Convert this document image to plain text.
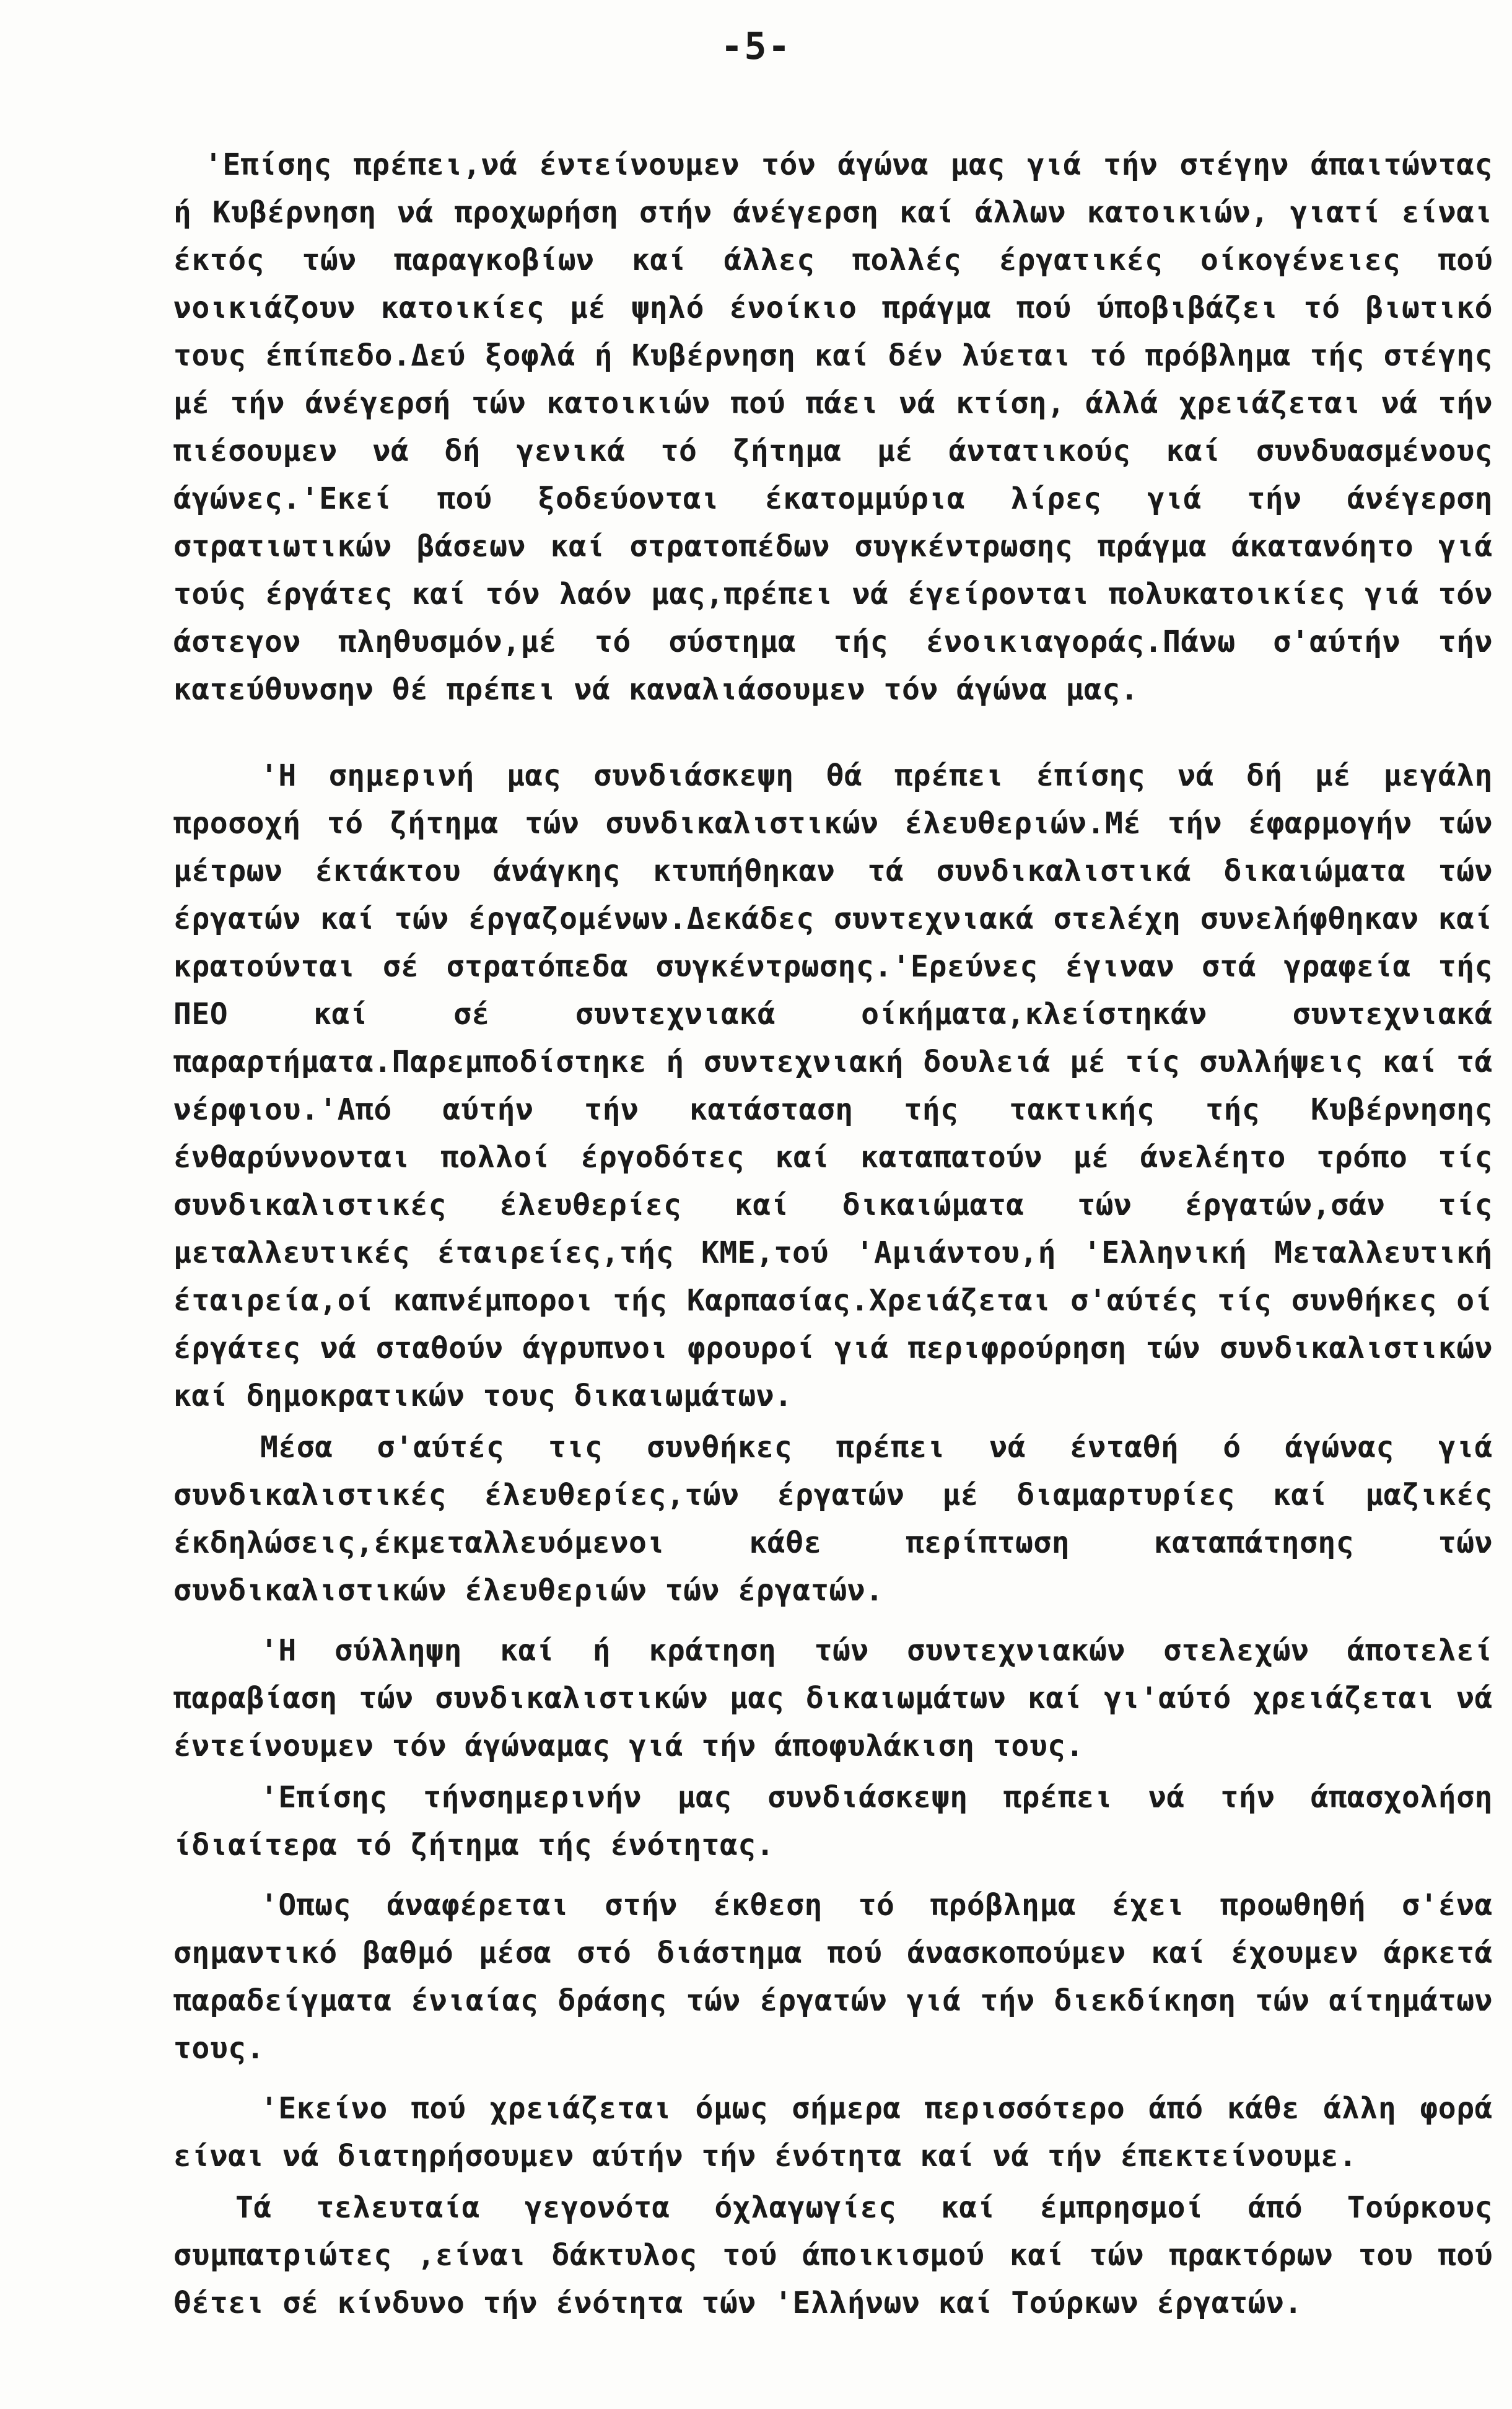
-5-

'Επίσης πρέπει,νά έντείνουμεν τόν άγώνα μας γιά τήν στέγην άπαιτώντας ή Κυβέρνηση νά προχωρήση στήν άνέγερση καί άλλων κατοικιών, γιατί είναι έκτός τών παραγκοβίων καί άλλες πολλές έργατικές οίκογένειες πού νοικιάζουν κατοικίες μέ ψηλό ένοίκιο πράγμα πού ύποβιβάζει τό βιωτικό τους έπίπεδο.Δεύ ξοφλά ή Κυβέρνηση καί δέν λύεται τό πρόβλημα τής στέγης μέ τήν άνέγερσή τών κατοικιών πού πάει νά κτίση, άλλά χρειάζεται νά τήν πιέσουμεν νά δή γενικά τό ζήτημα μέ άντατικούς καί συνδυασμένους άγώνες.'Εκεί πού ξοδεύονται έκατομμύρια λίρες γιά τήν άνέγερση στρατιωτικών βάσεων καί στρατοπέδων συγκέντρωσης πράγμα άκατανόητο γιά τούς έργάτες καί τόν λαόν μας,πρέπει νά έγείρονται πολυκατοικίες γιά τόν άστεγον πληθυσμόν,μέ τό σύστημα τής ένοικιαγοράς.Πάνω σ'αύτήν τήν κατεύθυνσην θέ πρέπει νά καναλιάσουμεν τόν άγώνα μας.

'Η σημερινή μας συνδιάσκεψη θά πρέπει έπίσης νά δή μέ μεγάλη προσοχή τό ζήτημα τών συνδικαλιστικών έλευθεριών.Μέ τήν έφαρμογήν τών μέτρων έκτάκτου άνάγκης κτυπήθηκαν τά συνδικαλιστικά δικαιώματα τών έργατών καί τών έργαζομένων.Δεκάδες συντεχνιακά στελέχη συνελήφθηκαν καί κρατούνται σέ στρατόπεδα συγκέντρωσης.'Ερεύνες έγιναν στά γραφεία τής ΠΕΟ καί σέ συντεχνιακά οίκήματα,κλείστηκάν συντεχνιακά παραρτήματα.Παρεμποδίστηκε ή συντεχνιακή δουλειά μέ τίς συλλήψεις καί τά νέρφιου.'Από αύτήν τήν κατάσταση τής τακτικής τής Κυβέρνησης ένθαρύννονται πολλοί έργοδότες καί καταπατούν μέ άνελέητο τρόπο τίς συνδικαλιστικές έλευθερίες καί δικαιώματα τών έργατών,σάν τίς μεταλλευτικές έταιρείες,τής ΚΜΕ,τού 'Αμιάντου,ή 'Ελληνική Μεταλλευτική έταιρεία,οί καπνέμποροι τής Καρπασίας.Χρειάζεται σ'αύτές τίς συνθήκες οί έργάτες νά σταθούν άγρυπνοι φρουροί γιά περιφρούρηση τών συνδικαλιστικών καί δημοκρατικών τους δικαιωμάτων.

Μέσα σ'αύτές τις συνθήκες πρέπει νά ένταθή ό άγώνας γιά συνδικαλιστικές έλευθερίες,τών έργατών μέ διαμαρτυρίες καί μαζικές έκδηλώσεις,έκμεταλλευόμενοι κάθε περίπτωση καταπάτησης τών συνδικαλιστικών έλευθεριών τών έργατών.

'Η σύλληψη καί ή κράτηση τών συντεχνιακών στελεχών άποτελεί παραβίαση τών συνδικαλιστικών μας δικαιωμάτων καί γι'αύτό χρειάζεται νά έντείνουμεν τόν άγώναμας γιά τήν άποφυλάκιση τους.

'Επίσης τήνσημερινήν μας συνδιάσκεψη πρέπει νά τήν άπασχολήση ίδιαίτερα τό ζήτημα τής ένότητας.

'Οπως άναφέρεται στήν έκθεση τό πρόβλημα έχει προωθηθή σ'ένα σημαντικό βαθμό μέσα στό διάστημα πού άνασκοπούμεν καί έχουμεν άρκετά παραδείγματα ένιαίας δράσης τών έργατών γιά τήν διεκδίκηση τών αίτημάτων τους.

'Εκείνο πού χρειάζεται όμως σήμερα περισσότερο άπό κάθε άλλη φορά είναι νά διατηρήσουμεν αύτήν τήν ένότητα καί νά τήν έπεκτείνουμε.

Τά τελευταία γεγονότα όχλαγωγίες καί έμπρησμοί άπό Τούρκους συμπατριώτες ,είναι δάκτυλος τού άποικισμού καί τών πρακτόρων του πού θέτει σέ κίνδυνο τήν ένότητα τών 'Ελλήνων καί Τούρκων έργατών.
